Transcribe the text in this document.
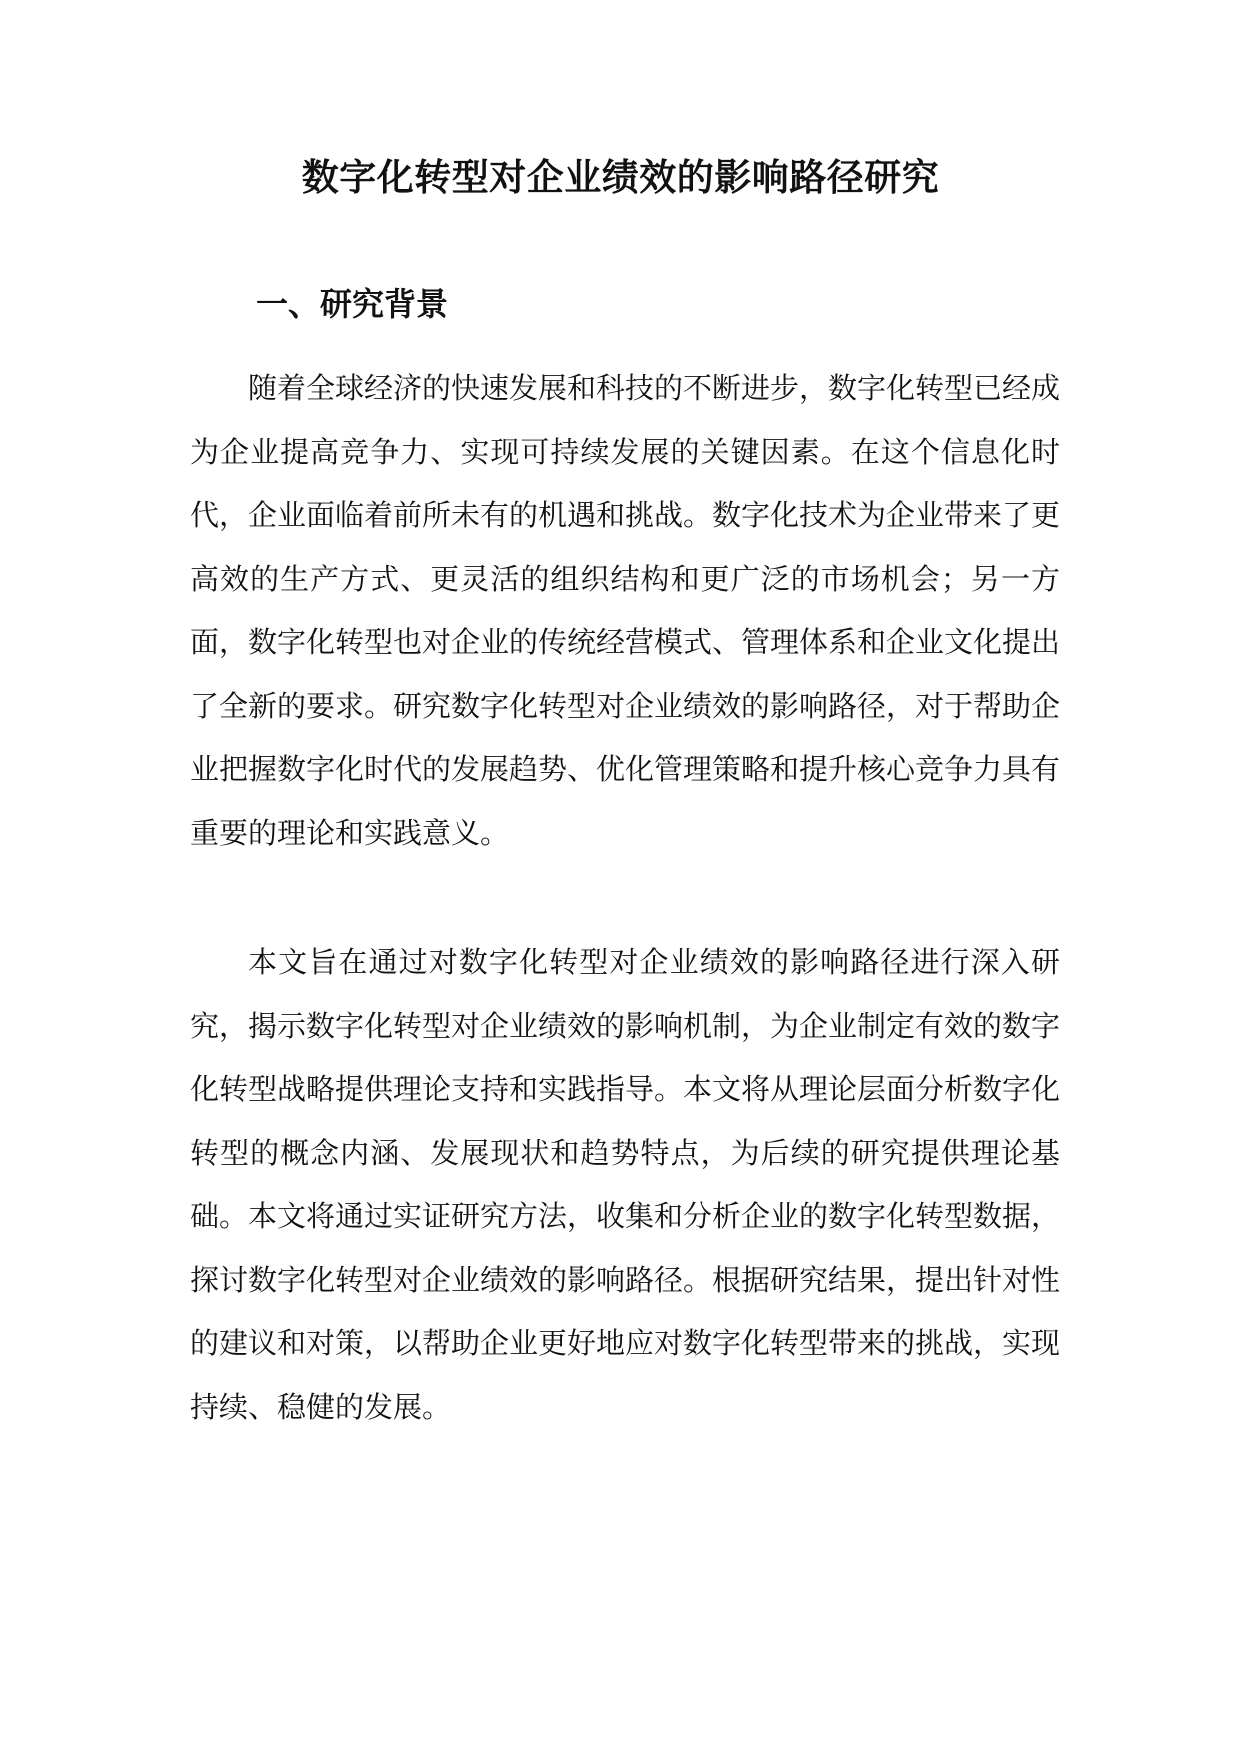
数字化转型对企业绩效的影响路径研究
一、研究背景

随着全球经济的快速发展和科技的不断进步，数字化转型已经成为企业提高竞争力、实现可持续发展的关键因素。在这个信息化时代，企业面临着前所未有的机遇和挑战。数字化技术为企业带来了更高效的生产方式、更灵活的组织结构和更广泛的市场机会；另一方面，数字化转型也对企业的传统经营模式、管理体系和企业文化提出了全新的要求。研究数字化转型对企业绩效的影响路径，对于帮助企业把握数字化时代的发展趋势、优化管理策略和提升核心竞争力具有重要的理论和实践意义。

本文旨在通过对数字化转型对企业绩效的影响路径进行深入研究，揭示数字化转型对企业绩效的影响机制，为企业制定有效的数字化转型战略提供理论支持和实践指导。本文将从理论层面分析数字化转型的概念内涵、发展现状和趋势特点，为后续的研究提供理论基础。本文将通过实证研究方法，收集和分析企业的数字化转型数据，探讨数字化转型对企业绩效的影响路径。根据研究结果，提出针对性的建议和对策，以帮助企业更好地应对数字化转型带来的挑战，实现持续、稳健的发展。
